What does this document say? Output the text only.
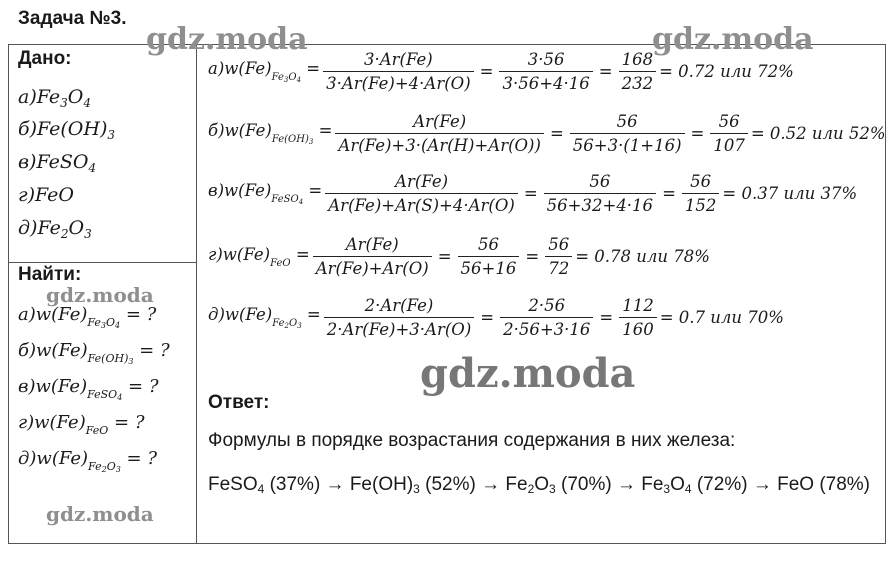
Задача №3.
Дано:
$а)Fe_3O_4$
$б)Fe(OH)_3$
в)FeSO$_4$
г)FeO
$д)Fe_2O_3$
Найти:
$а)w(Fe)_{Fe_3O_4}$ = ?
$б)w(Fe)_{Fe(OH)_3}$ = ?
$в)w(Fe)_{FeSO_4}$ = ?
$г)w(Fe)_{FeO}$ = ?
$д)w(Fe)_{Fe_2O_3}$ = ?
$а)w(Fe)_{Fe_3O_4} = \frac{3\cdot Ar(Fe)}{3\cdot Ar(Fe)+4\cdot Ar(O)} = \frac{3\cdot 56}{3\cdot 56+4\cdot 16} = \frac{168}{232} = 0.72$ или 72%
$б)w(Fe)_{Fe(OH)_3} = \frac{Ar(Fe)}{Ar(Fe)+3\cdot(Ar(H)+Ar(O))} = \frac{56}{56+3\cdot(1+16)} = \frac{56}{107} = 0.52$ или 52%
$в)w(Fe)_{FeSO_4} = \frac{Ar(Fe)}{Ar(Fe)+Ar(S)+4\cdot Ar(O)} = \frac{56}{56+32+4\cdot 16} = \frac{56}{152} = 0.37$ или 37%
$г)w(Fe)_{FeO} = \frac{Ar(Fe)}{Ar(Fe)+Ar(O)} = \frac{56}{56+16} = \frac{56}{72} = 0.78$ или 78%
$д)w(Fe)_{Fe_2O_3} = \frac{2\cdot Ar(Fe)}{2\cdot Ar(Fe)+3\cdot Ar(O)} = \frac{2\cdot 56}{2\cdot 56+3\cdot 16} = \frac{112}{160} = 0.7$ или 70%
Ответ:
Формулы в порядке возрастания содержания в них железа:
FeSO$_4$ $(37\%) \to Fe(OH)_3$ $(52\%) \to Fe_2O_3$ $(70\%) \to Fe_3O_4$ (72%) → FeO (78%)
gdz.moda	gdz.moda
gdz.moda
gdz.moda
gdz.moda
